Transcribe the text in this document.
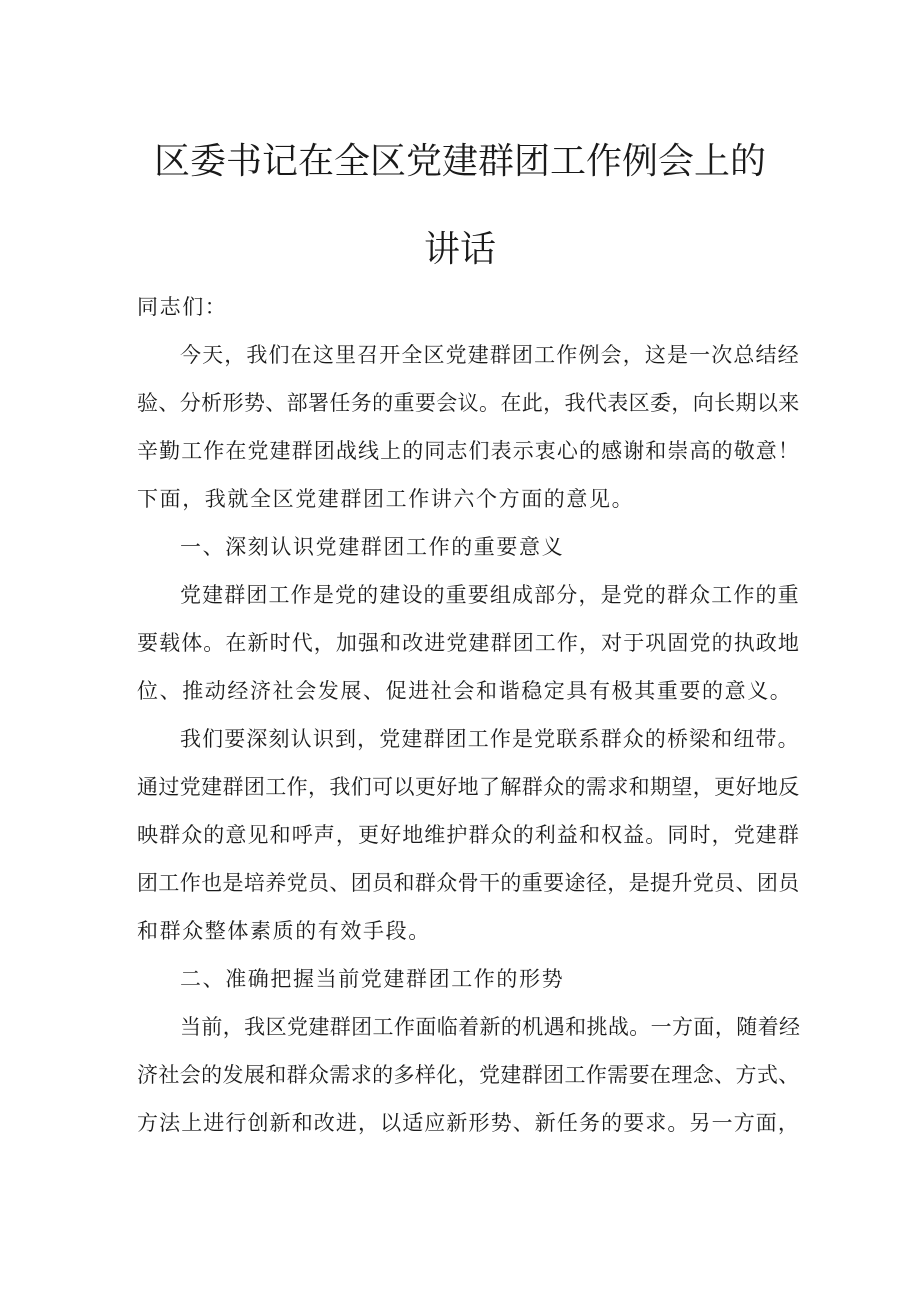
区委书记在全区党建群团工作例会上的
讲话
同志们：
今天，我们在这里召开全区党建群团工作例会，这是一次总结经
验、分析形势、部署任务的重要会议。在此，我代表区委，向长期以来
辛勤工作在党建群团战线上的同志们表示衷心的感谢和崇高的敬意！
下面，我就全区党建群团工作讲六个方面的意见。
一、深刻认识党建群团工作的重要意义
党建群团工作是党的建设的重要组成部分，是党的群众工作的重
要载体。在新时代，加强和改进党建群团工作，对于巩固党的执政地
位、推动经济社会发展、促进社会和谐稳定具有极其重要的意义。
我们要深刻认识到，党建群团工作是党联系群众的桥梁和纽带。
通过党建群团工作，我们可以更好地了解群众的需求和期望，更好地反
映群众的意见和呼声，更好地维护群众的利益和权益。同时，党建群
团工作也是培养党员、团员和群众骨干的重要途径，是提升党员、团员
和群众整体素质的有效手段。
二、准确把握当前党建群团工作的形势
当前，我区党建群团工作面临着新的机遇和挑战。一方面，随着经
济社会的发展和群众需求的多样化，党建群团工作需要在理念、方式、
方法上进行创新和改进，以适应新形势、新任务的要求。另一方面，
